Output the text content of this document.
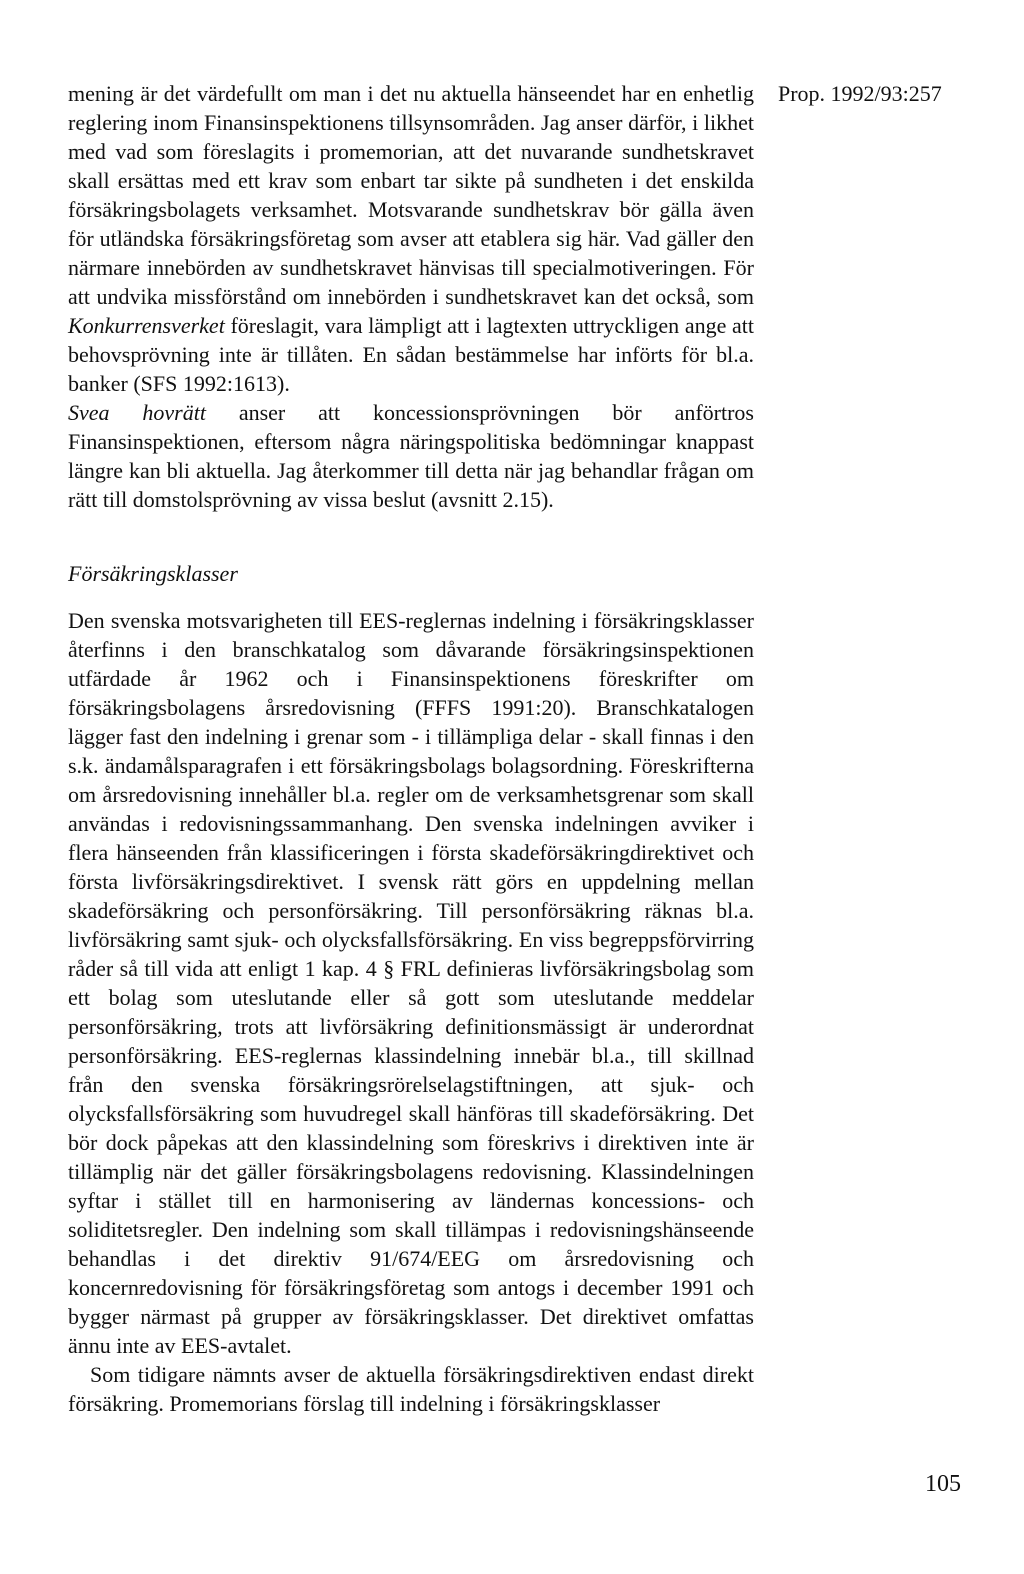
Prop. 1992/93:257

mening är det värdefullt om man i det nu aktuella hänseendet har en enhetlig reglering inom Finansinspektionens tillsynsområden. Jag anser därför, i likhet med vad som föreslagits i promemorian, att det nuvarande sundhetskravet skall ersättas med ett krav som enbart tar sikte på sundheten i det enskilda försäkringsbolagets verksamhet. Motsvarande sundhetskrav bör gälla även för utländska försäkringsföretag som avser att etablera sig här. Vad gäller den närmare innebörden av sundhetskravet hänvisas till specialmotiveringen. För att undvika missförstånd om innebörden i sundhetskravet kan det också, som Konkurrensverket föreslagit, vara lämpligt att i lagtexten uttryckligen ange att behovsprövning inte är tillåten. En sådan bestämmelse har införts för bl.a. banker (SFS 1992:1613).

Svea hovrätt anser att koncessionsprövningen bör anförtros Finansinspektionen, eftersom några näringspolitiska bedömningar knappast längre kan bli aktuella. Jag återkommer till detta när jag behandlar frågan om rätt till domstolsprövning av vissa beslut (avsnitt 2.15).

Försäkringsklasser

Den svenska motsvarigheten till EES-reglernas indelning i försäkringsklasser återfinns i den branschkatalog som dåvarande försäkringsinspektionen utfärdade år 1962 och i Finansinspektionens föreskrifter om försäkringsbolagens årsredovisning (FFFS 1991:20). Branschkatalogen lägger fast den indelning i grenar som - i tillämpliga delar - skall finnas i den s.k. ändamålsparagrafen i ett försäkringsbolags bolagsordning. Föreskrifterna om årsredovisning innehåller bl.a. regler om de verksamhetsgrenar som skall användas i redovisningssammanhang. Den svenska indelningen avviker i flera hänseenden från klassificeringen i första skadeförsäkringdirektivet och första livförsäkringsdirektivet. I svensk rätt görs en uppdelning mellan skadeförsäkring och personförsäkring. Till personförsäkring räknas bl.a. livförsäkring samt sjuk- och olycksfallsförsäkring. En viss begreppsförvirring råder så till vida att enligt 1 kap. 4 § FRL definieras livförsäkringsbolag som ett bolag som uteslutande eller så gott som uteslutande meddelar personförsäkring, trots att livförsäkring definitionsmässigt är underordnat personförsäkring. EES-reglernas klassindelning innebär bl.a., till skillnad från den svenska försäkringsrörelselagstiftningen, att sjuk- och olycksfallsförsäkring som huvudregel skall hänföras till skadeförsäkring. Det bör dock påpekas att den klassindelning som föreskrivs i direktiven inte är tillämplig när det gäller försäkringsbolagens redovisning. Klassindelningen syftar i stället till en harmonisering av ländernas koncessions- och soliditetsregler. Den indelning som skall tillämpas i redovisningshänseende behandlas i det direktiv 91/674/EEG om årsredovisning och koncernredovisning för försäkringsföretag som antogs i december 1991 och bygger närmast på grupper av försäkringsklasser. Det direktivet omfattas ännu inte av EES-avtalet.

Som tidigare nämnts avser de aktuella försäkringsdirektiven endast direkt försäkring. Promemorians förslag till indelning i försäkringsklasser

105
